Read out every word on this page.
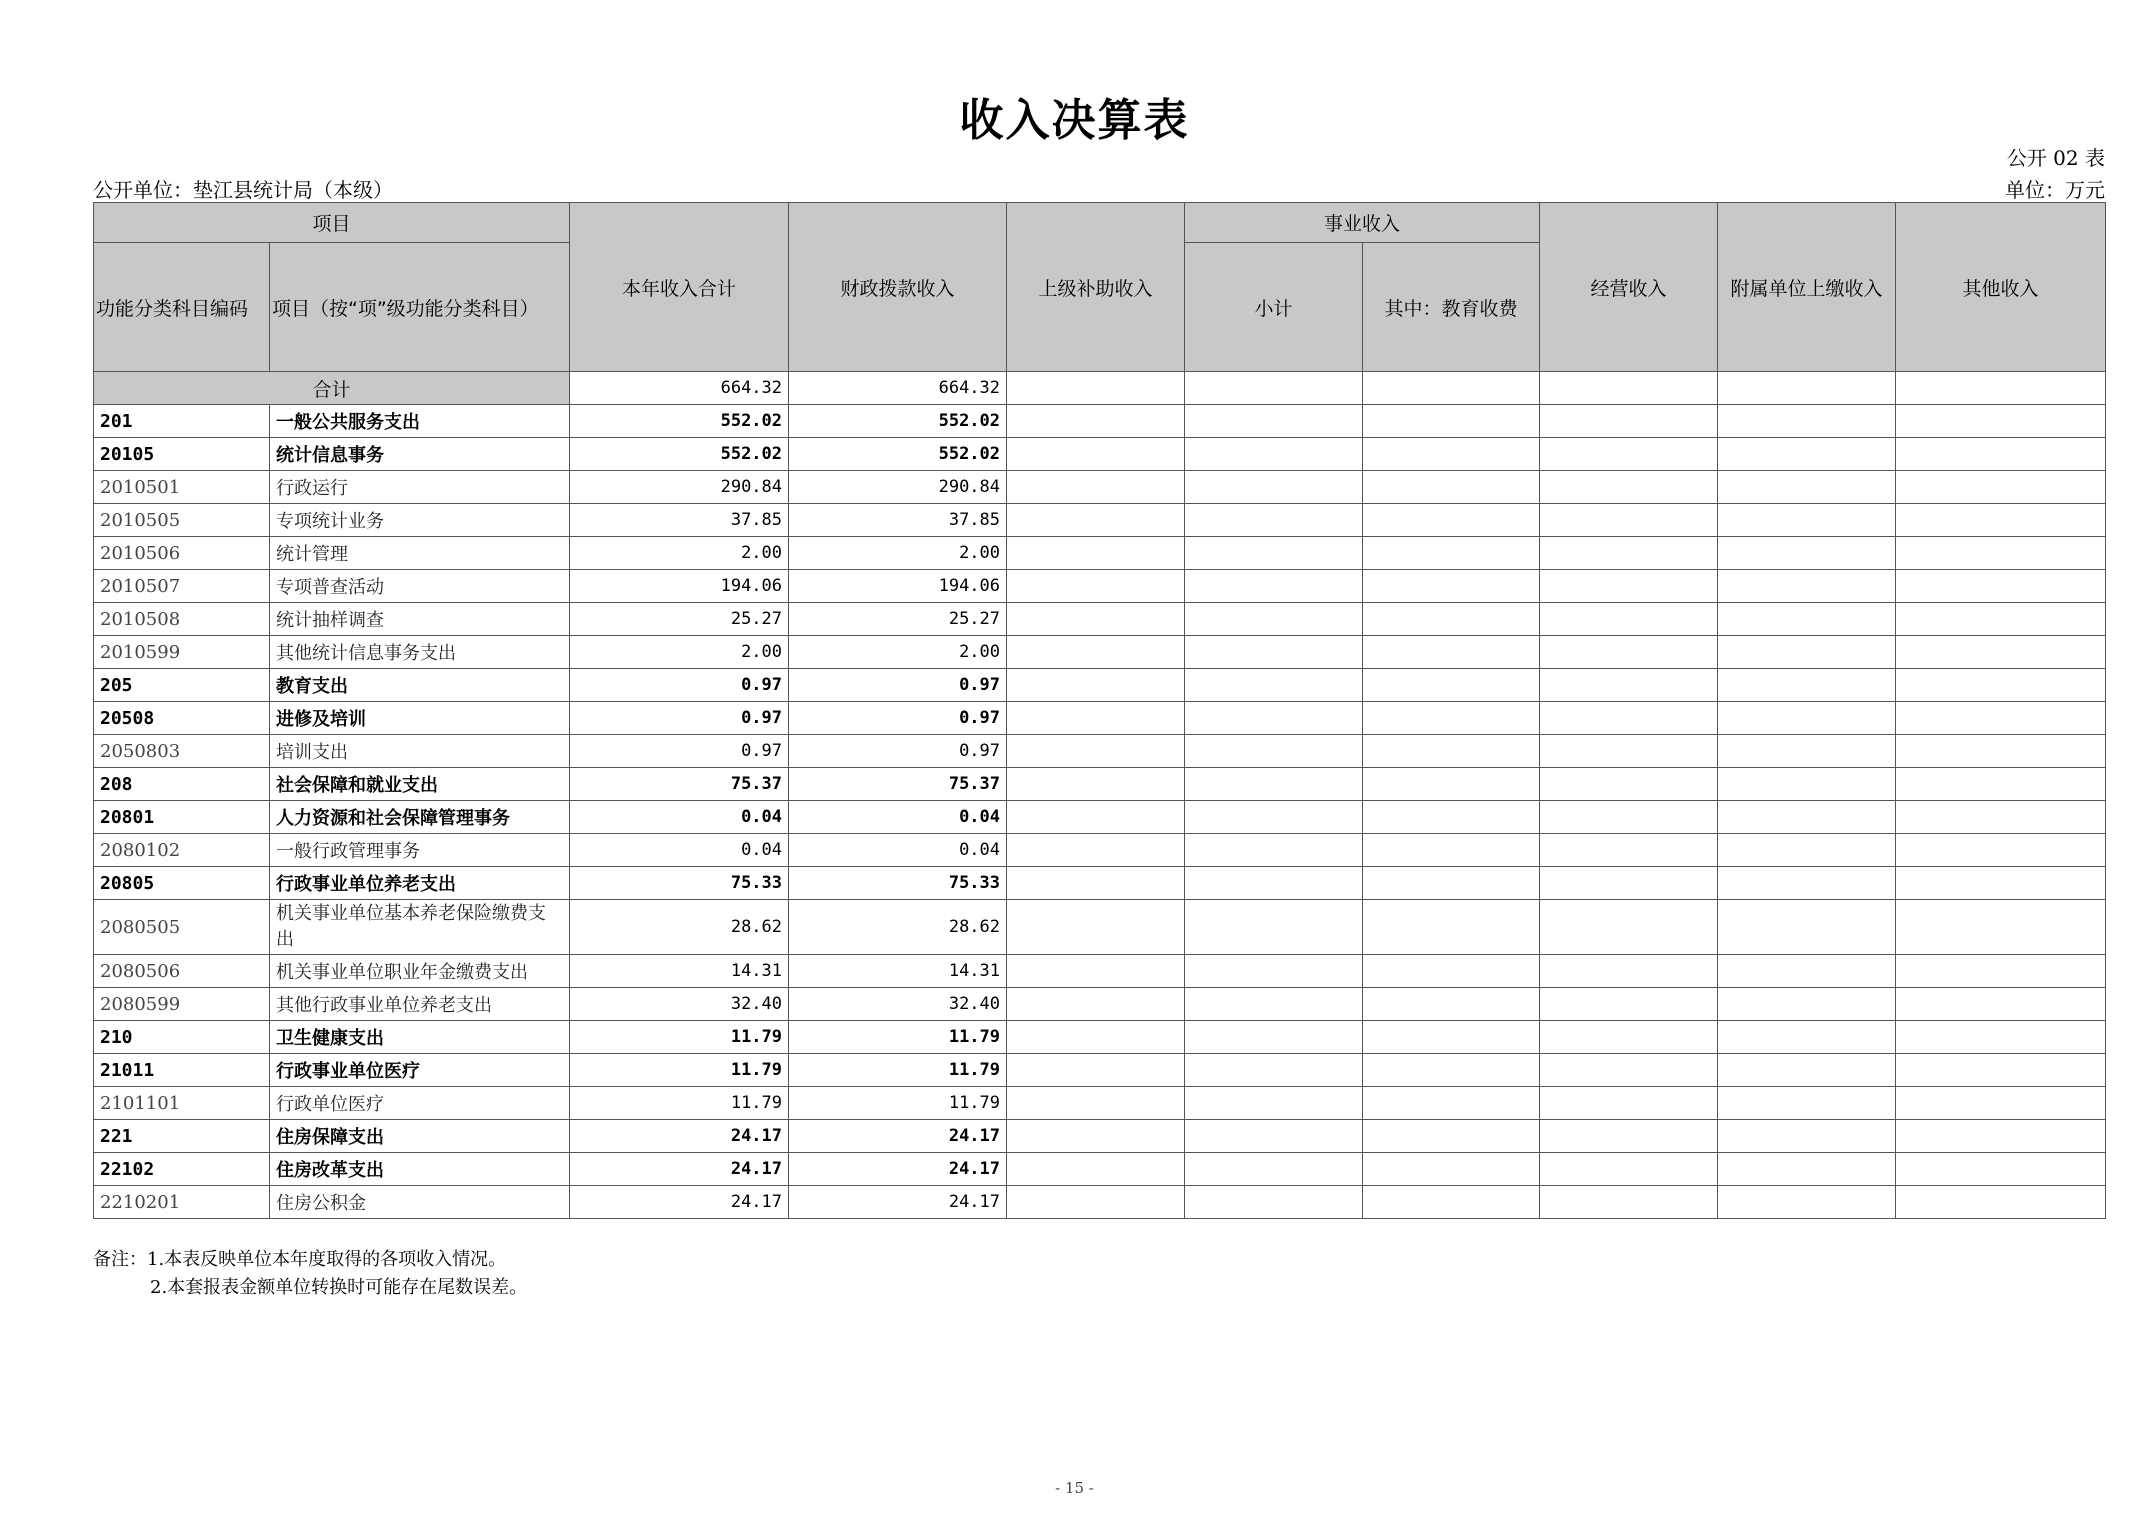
收入决算表
公开 02 表
公开单位：垫江县统计局（本级）	单位：万元
项目		本年收入合计	财政拨款收入	上级补助收入	事业收入		经营收入	附属单位上缴收入	其他收入
功能分类科目编码	项目（按“项”级功能分类科目）				小计	其中：教育收费			
合计		664.32	664.32						
201	一般公共服务支出	552.02	552.02						
20105	统计信息事务	552.02	552.02						
2010501	行政运行	290.84	290.84						
2010505	专项统计业务	37.85	37.85						
2010506	统计管理	2.00	2.00						
2010507	专项普查活动	194.06	194.06						
2010508	统计抽样调查	25.27	25.27						
2010599	其他统计信息事务支出	2.00	2.00						
205	教育支出	0.97	0.97						
20508	进修及培训	0.97	0.97						
2050803	培训支出	0.97	0.97						
208	社会保障和就业支出	75.37	75.37						
20801	人力资源和社会保障管理事务	0.04	0.04						
2080102	一般行政管理事务	0.04	0.04						
20805	行政事业单位养老支出	75.33	75.33						
2080505	机关事业单位基本养老保险缴费支出	28.62	28.62						
2080506	机关事业单位职业年金缴费支出	14.31	14.31						
2080599	其他行政事业单位养老支出	32.40	32.40						
210	卫生健康支出	11.79	11.79						
21011	行政事业单位医疗	11.79	11.79						
2101101	行政单位医疗	11.79	11.79						
221	住房保障支出	24.17	24.17						
22102	住房改革支出	24.17	24.17						
2210201	住房公积金	24.17	24.17						
备注：1.本表反映单位本年度取得的各项收入情况。
2.本套报表金额单位转换时可能存在尾数误差。
- 15 -
